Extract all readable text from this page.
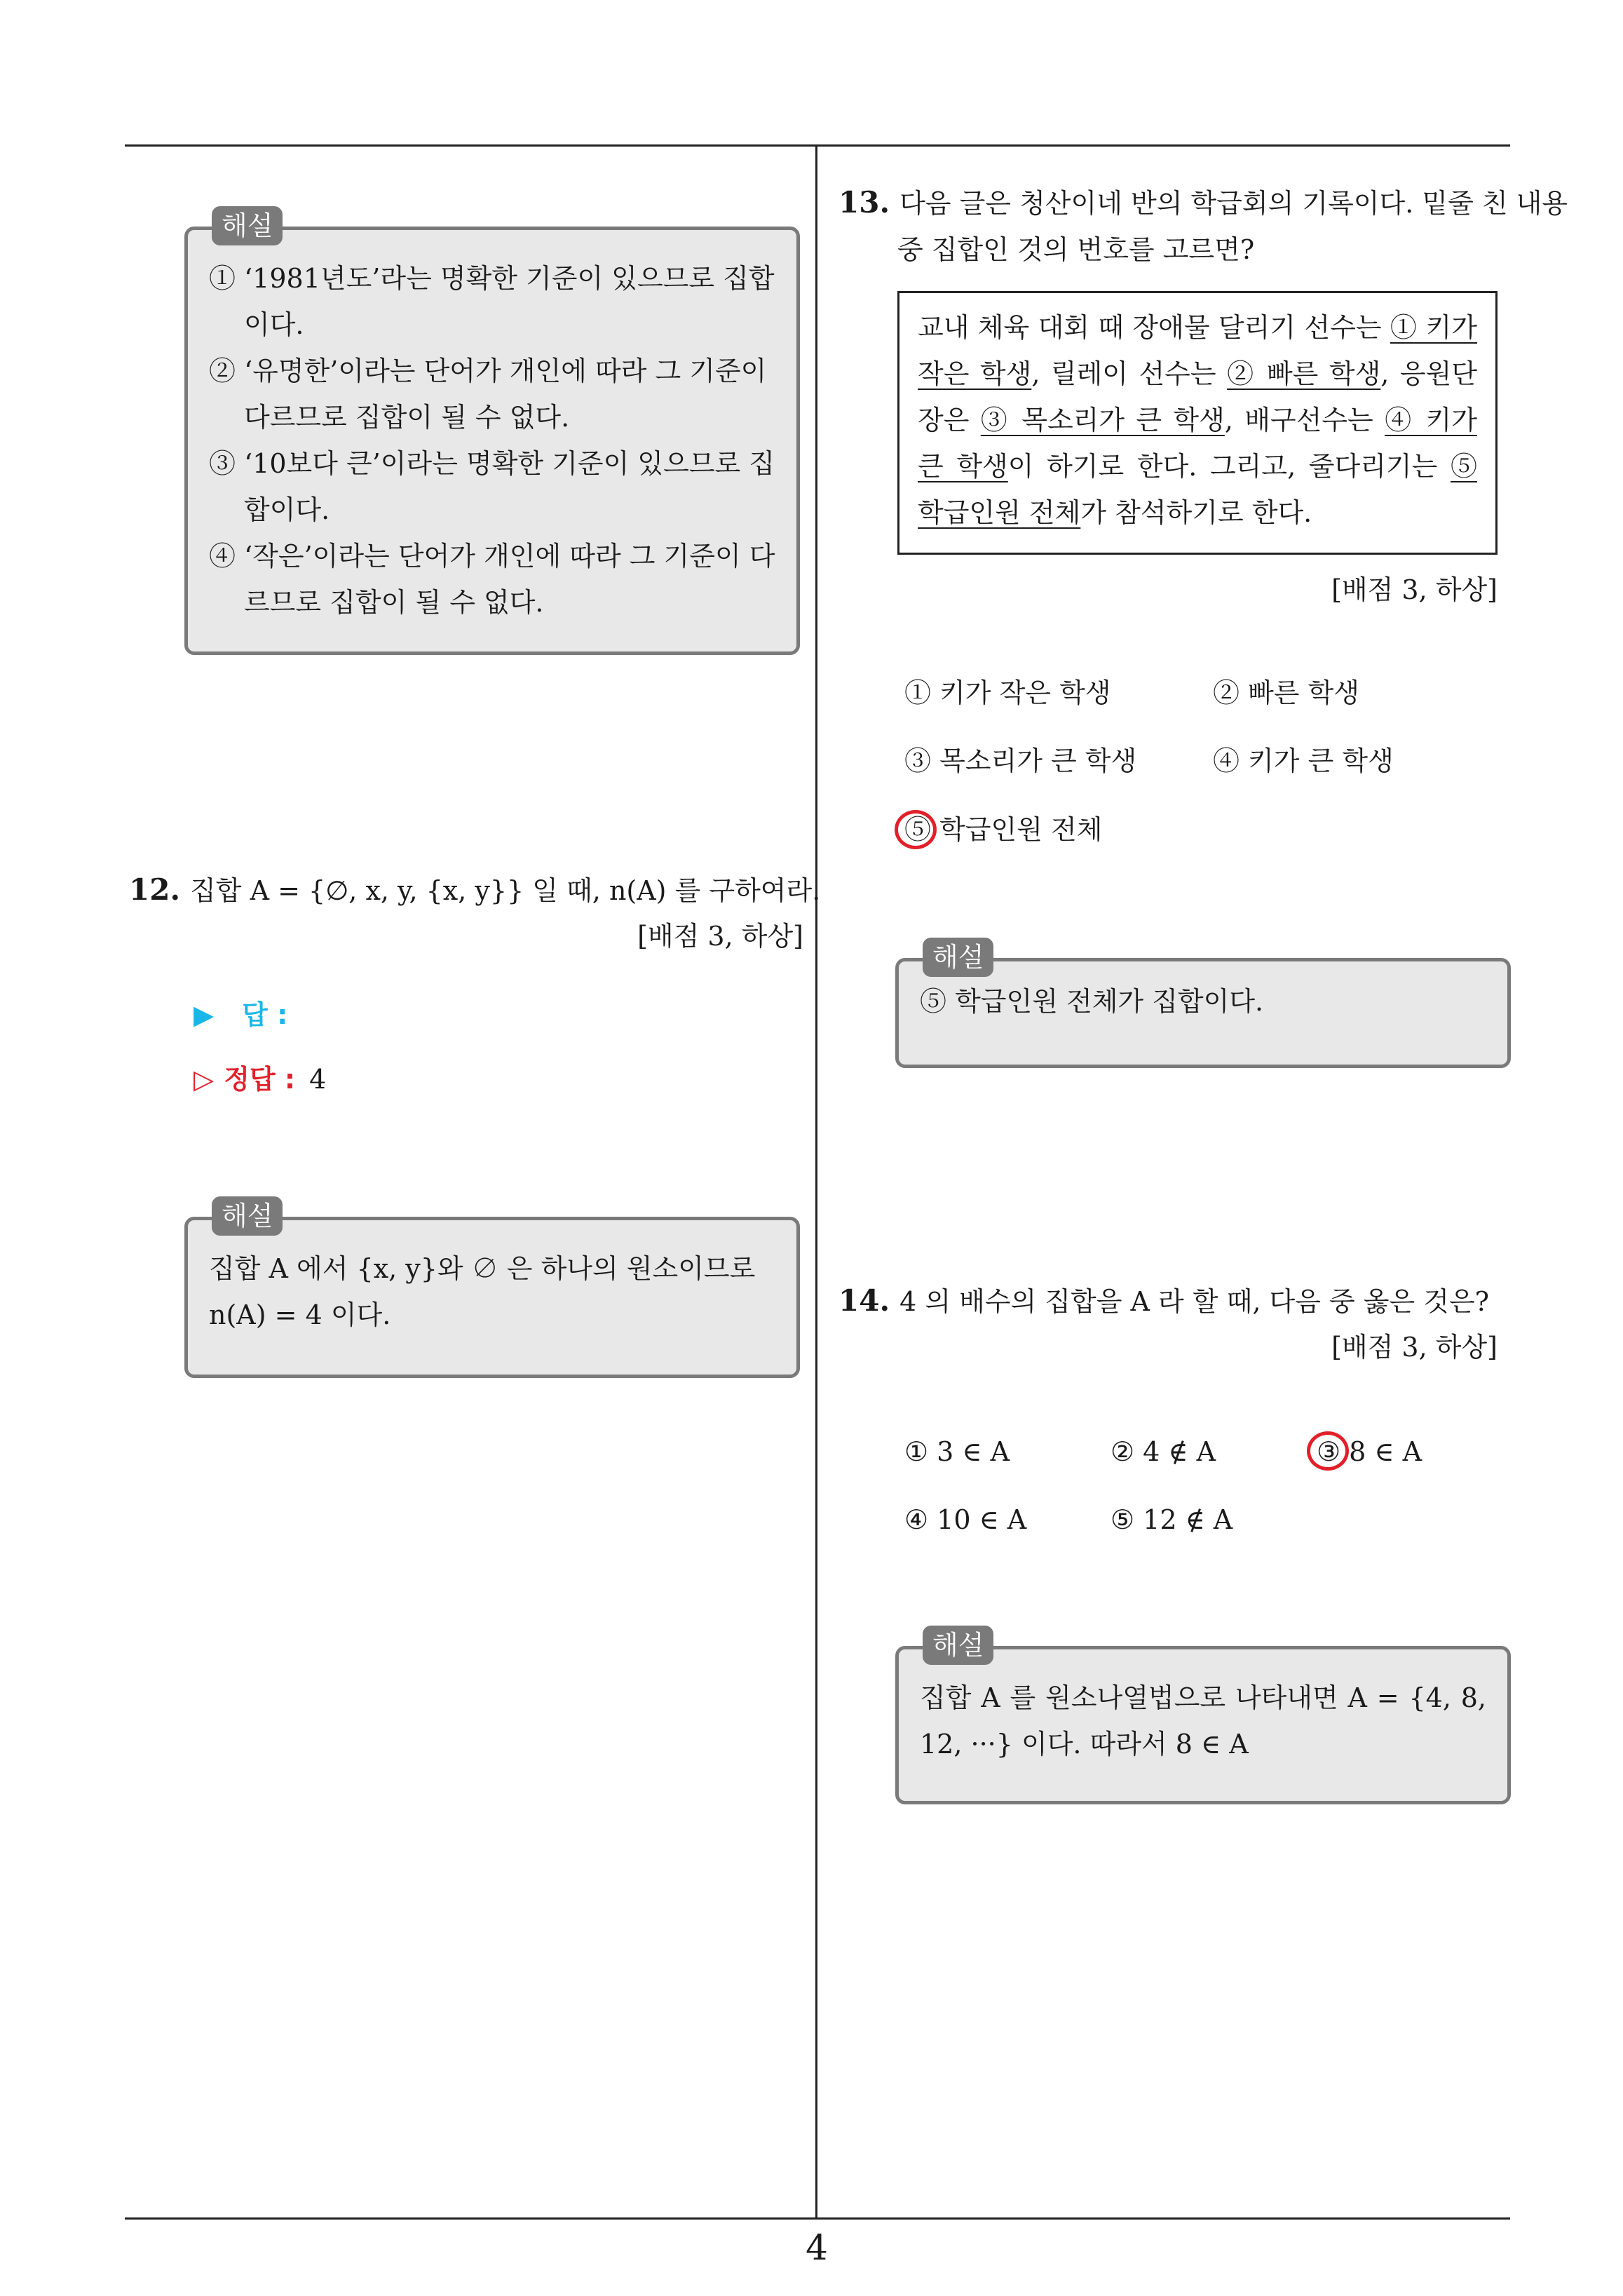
해설
① ‘1981년도’라는 명확한 기준이 있으므로 집합이다.
② ‘유명한’이라는 단어가 개인에 따라 그 기준이 다르므로 집합이 될 수 없다.
③ ‘10보다 큰’이라는 명확한 기준이 있으므로 집합이다.
④ ‘작은’이라는 단어가 개인에 따라 그 기준이 다르므로 집합이 될 수 없다.
12. 집합 A = {∅, x, y, {x, y}} 일 때, n(A) 를 구하여라.
[배점 3, 하상]
▶ 답 :
▷ 정답 : 4
해설
집합 A 에서 {x, y}와 ∅ 은 하나의 원소이므로 n(A) = 4 이다.
13. 다음 글은 청산이네 반의 학급회의 기록이다. 밑줄 친 내용 중 집합인 것의 번호를 고르면?
교내 체육 대회 때 장애물 달리기 선수는 ① 키가 작은 학생, 릴레이 선수는 ② 빠른 학생, 응원단장은 ③ 목소리가 큰 학생, 배구선수는 ④ 키가 큰 학생이 하기로 한다. 그리고, 줄다리기는 ⑤ 학급인원 전체가 참석하기로 한다.
[배점 3, 하상]
① 키가 작은 학생	② 빠른 학생
③ 목소리가 큰 학생	④ 키가 큰 학생
⑤ 학급인원 전체
해설
⑤ 학급인원 전체가 집합이다.
14. 4 의 배수의 집합을 A 라 할 때, 다음 중 옳은 것은?
[배점 3, 하상]
① 3 ∈ A	② 4 ∉ A	③ 8 ∈ A
④ 10 ∈ A	⑤ 12 ∉ A
해설
집합 A 를 원소나열법으로 나타내면 A = {4, 8, 12, ···} 이다. 따라서 8 ∈ A
4
